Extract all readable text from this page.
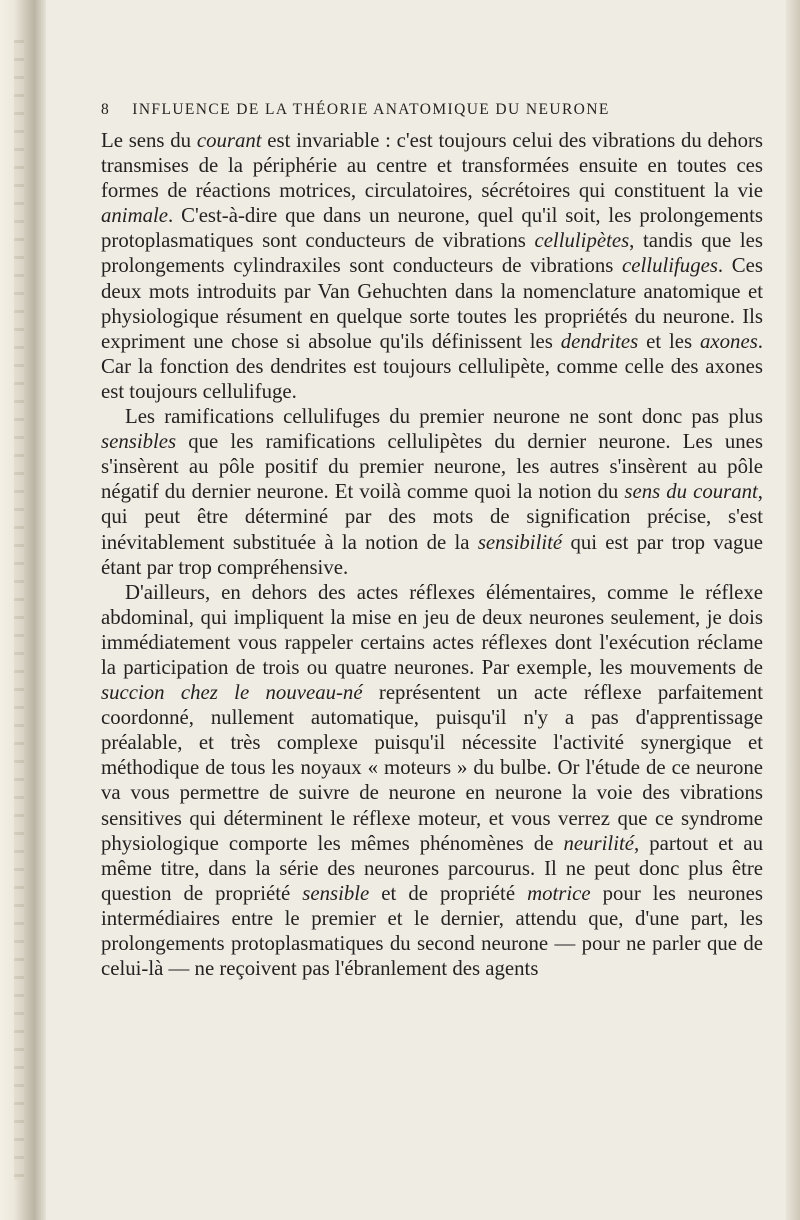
8 INFLUENCE DE LA THÉORIE ANATOMIQUE DU NEURONE

Le sens du courant est invariable : c'est toujours celui des vibrations du dehors transmises de la périphérie au centre et transformées ensuite en toutes ces formes de réactions motrices, circulatoires, sécrétoires qui constituent la vie animale. C'est-à-dire que dans un neurone, quel qu'il soit, les prolongements protoplasmatiques sont conducteurs de vibrations cellulipètes, tandis que les prolongements cylindraxiles sont conducteurs de vibrations cellulifuges. Ces deux mots introduits par Van Gehuchten dans la nomenclature anatomique et physiologique résument en quelque sorte toutes les propriétés du neurone. Ils expriment une chose si absolue qu'ils définissent les dendrites et les axones. Car la fonction des dendrites est toujours cellulipète, comme celle des axones est toujours cellulifuge.

Les ramifications cellulifuges du premier neurone ne sont donc pas plus sensibles que les ramifications cellulipètes du dernier neurone. Les unes s'insèrent au pôle positif du premier neurone, les autres s'insèrent au pôle négatif du dernier neurone. Et voilà comme quoi la notion du sens du courant, qui peut être déterminé par des mots de signification précise, s'est inévitablement substituée à la notion de la sensibilité qui est par trop vague étant par trop compréhensive.

D'ailleurs, en dehors des actes réflexes élémentaires, comme le réflexe abdominal, qui impliquent la mise en jeu de deux neurones seulement, je dois immédiatement vous rappeler certains actes réflexes dont l'exécution réclame la participation de trois ou quatre neurones. Par exemple, les mouvements de succion chez le nouveau-né représentent un acte réflexe parfaitement coordonné, nullement automatique, puisqu'il n'y a pas d'apprentissage préalable, et très complexe puisqu'il nécessite l'activité synergique et méthodique de tous les noyaux « moteurs » du bulbe. Or l'étude de ce neurone va vous permettre de suivre de neurone en neurone la voie des vibrations sensitives qui déterminent le réflexe moteur, et vous verrez que ce syndrome physiologique comporte les mêmes phénomènes de neurilité, partout et au même titre, dans la série des neurones parcourus. Il ne peut donc plus être question de propriété sensible et de propriété motrice pour les neurones intermédiaires entre le premier et le dernier, attendu que, d'une part, les prolongements protoplasmatiques du second neurone — pour ne parler que de celui-là — ne reçoivent pas l'ébranlement des agents
